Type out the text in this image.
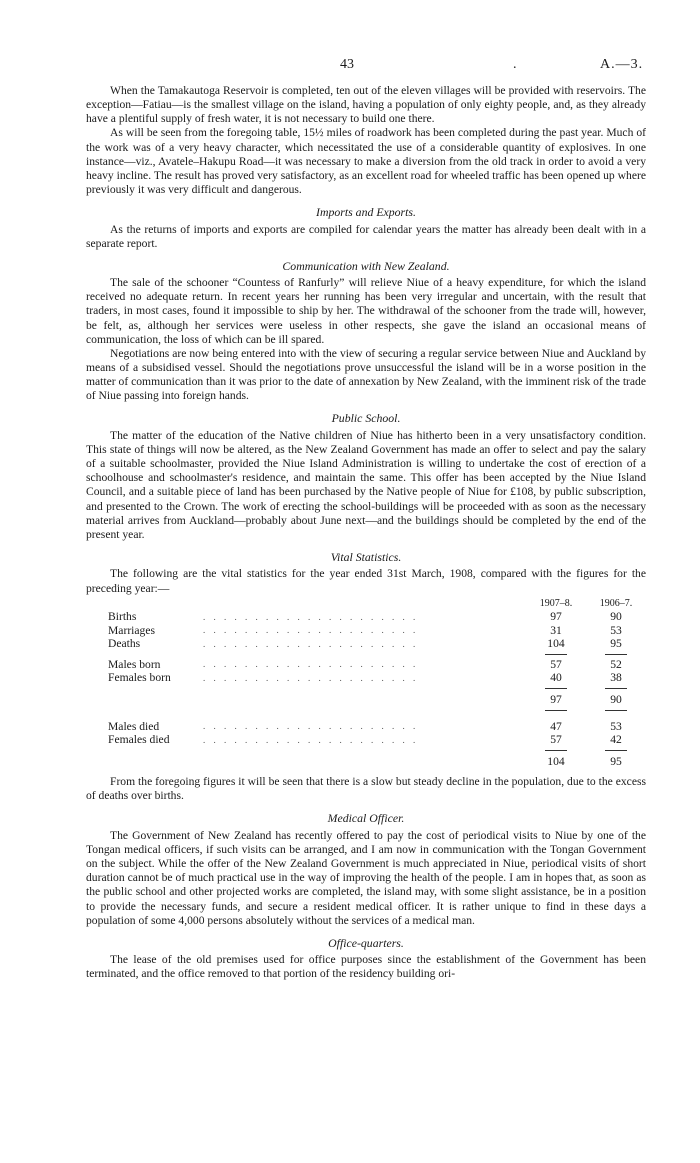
43	.	A.—3.

When the Tamakautoga Reservoir is completed, ten out of the eleven villages will be provided with reservoirs. The exception—Fatiau—is the smallest village on the island, having a population of only eighty people, and, as they already have a plentiful supply of fresh water, it is not necessary to build one there.

As will be seen from the foregoing table, 15½ miles of roadwork has been completed during the past year. Much of the work was of a very heavy character, which necessitated the use of a considerable quantity of explosives. In one instance—viz., Avatele–Hakupu Road—it was necessary to make a diversion from the old track in order to avoid a very heavy incline. The result has proved very satisfactory, as an excellent road for wheeled traffic has been opened up where previously it was very difficult and dangerous.

Imports and Exports.

As the returns of imports and exports are compiled for calendar years the matter has already been dealt with in a separate report.

Communication with New Zealand.

The sale of the schooner “Countess of Ranfurly” will relieve Niue of a heavy expenditure, for which the island received no adequate return. In recent years her running has been very irregular and uncertain, with the result that traders, in most cases, found it impossible to ship by her. The withdrawal of the schooner from the trade will, however, be felt, as, although her services were useless in other respects, she gave the island an occasional means of communication, the loss of which can be ill spared.

Negotiations are now being entered into with the view of securing a regular service between Niue and Auckland by means of a subsidised vessel. Should the negotiations prove unsuccessful the island will be in a worse position in the matter of communication than it was prior to the date of annexation by New Zealand, with the imminent risk of the trade of Niue passing into foreign hands.

Public School.

The matter of the education of the Native children of Niue has hitherto been in a very unsatisfactory condition. This state of things will now be altered, as the New Zealand Government has made an offer to select and pay the salary of a suitable schoolmaster, provided the Niue Island Administration is willing to undertake the cost of erection of a schoolhouse and schoolmaster's residence, and maintain the same. This offer has been accepted by the Niue Island Council, and a suitable piece of land has been purchased by the Native people of Niue for £108, by public subscription, and presented to the Crown. The work of erecting the school-buildings will be proceeded with as soon as the necessary material arrives from Auckland—probably about June next—and the buildings should be completed by the end of the present year.

Vital Statistics.

The following are the vital statistics for the year ended 31st March, 1908, compared with the figures for the preceding year:—

1907–8.	1906–7.
Births	. . . . . . . . . . . . . . . . . . . . .	97	90
Marriages	. . . . . . . . . . . . . . . . . . . . .	31	53
Deaths	. . . . . . . . . . . . . . . . . . . . .	104	95
Males born	. . . . . . . . . . . . . . . . . . . . .	57	52
Females born	. . . . . . . . . . . . . . . . . . . . .	40	38
97	90
Males died	. . . . . . . . . . . . . . . . . . . . .	47	53
Females died	. . . . . . . . . . . . . . . . . . . . .	57	42
104	95

From the foregoing figures it will be seen that there is a slow but steady decline in the population, due to the excess of deaths over births.

Medical Officer.

The Government of New Zealand has recently offered to pay the cost of periodical visits to Niue by one of the Tongan medical officers, if such visits can be arranged, and I am now in communication with the Tongan Government on the subject. While the offer of the New Zealand Government is much appreciated in Niue, periodical visits of short duration cannot be of much practical use in the way of improving the health of the people. I am in hopes that, as soon as the public school and other projected works are completed, the island may, with some slight assistance, be in a position to provide the necessary funds, and secure a resident medical officer. It is rather unique to find in these days a population of some 4,000 persons absolutely without the services of a medical man.

Office-quarters.

The lease of the old premises used for office purposes since the establishment of the Government has been terminated, and the office removed to that portion of the residency building ori-
